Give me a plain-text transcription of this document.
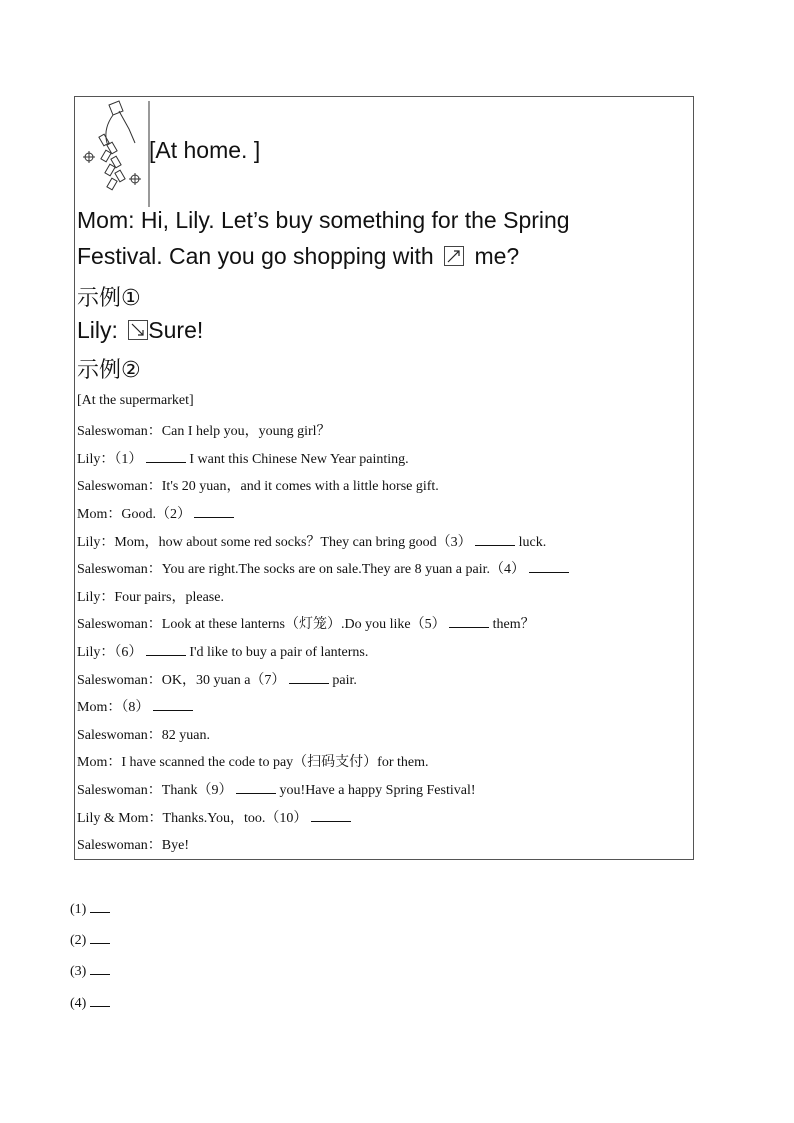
[At home. ]
Mom: Hi, Lily. Let’s buy something for the Spring
Festival. Can you go shopping with me?
示例①
Lily: Sure!
示例②
[At the supermarket]
Saleswoman：Can I help you，young girl？
Lily：（1）	I want this Chinese New Year painting.
Saleswoman：It's 20 yuan，and it comes with a little horse gift.
Mom：Good.（2）
Lily：Mom，how about some red socks？They can bring good（3）	luck.
Saleswoman：You are right.The socks are on sale.They are 8 yuan a pair.（4）
Lily：Four pairs，please.
Saleswoman：Look at these lanterns（灯笼）.Do you like（5）	them？
Lily：（6）	I'd like to buy a pair of lanterns.
Saleswoman：OK，30 yuan a（7）	pair.
Mom：（8）
Saleswoman：82 yuan.
Mom：I have scanned the code to pay（扫码支付）for them.
Saleswoman：Thank（9）	you!Have a happy Spring Festival!
Lily & Mom：Thanks.You，too.（10）
Saleswoman：Bye!
(1)
(2)
(3)
(4)
